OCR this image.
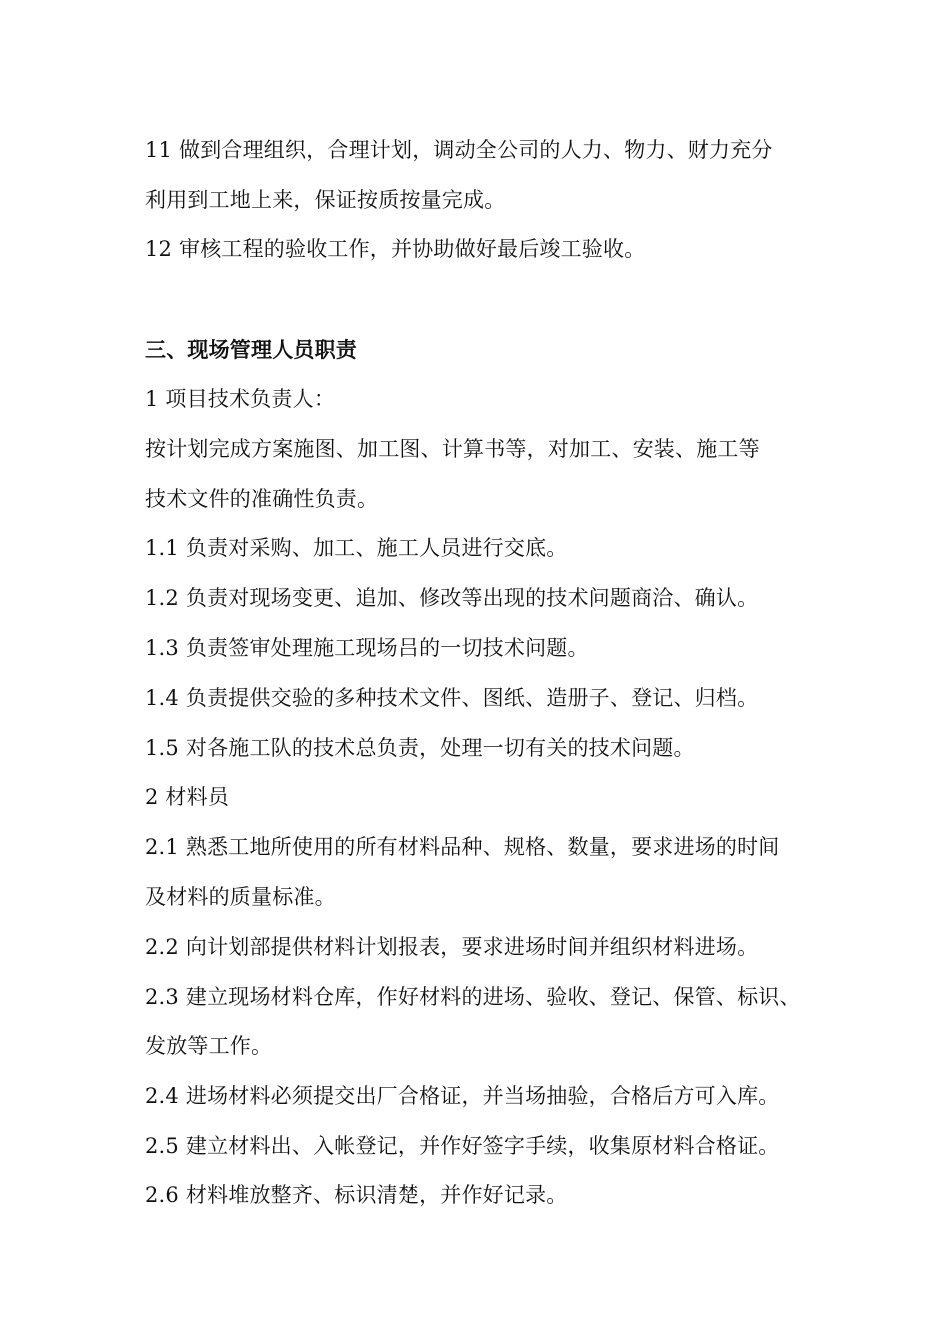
11 做到合理组织，合理计划，调动全公司的人力、物力、财力充分

利用到工地上来，保证按质按量完成。

12 审核工程的验收工作，并协助做好最后竣工验收。

三、现场管理人员职责

1 项目技术负责人：

按计划完成方案施图、加工图、计算书等，对加工、安装、施工等

技术文件的准确性负责。

1.1 负责对采购、加工、施工人员进行交底。

1.2 负责对现场变更、追加、修改等出现的技术问题商洽、确认。

1.3 负责签审处理施工现场吕的一切技术问题。

1.4 负责提供交验的多种技术文件、图纸、造册子、登记、归档。

1.5 对各施工队的技术总负责，处理一切有关的技术问题。

2 材料员

2.1 熟悉工地所使用的所有材料品种、规格、数量，要求进场的时间

及材料的质量标准。

2.2 向计划部提供材料计划报表，要求进场时间并组织材料进场。

2.3 建立现场材料仓库，作好材料的进场、验收、登记、保管、标识、

发放等工作。

2.4 进场材料必须提交出厂合格证，并当场抽验，合格后方可入库。

2.5 建立材料出、入帐登记，并作好签字手续，收集原材料合格证。

2.6 材料堆放整齐、标识清楚，并作好记录。
